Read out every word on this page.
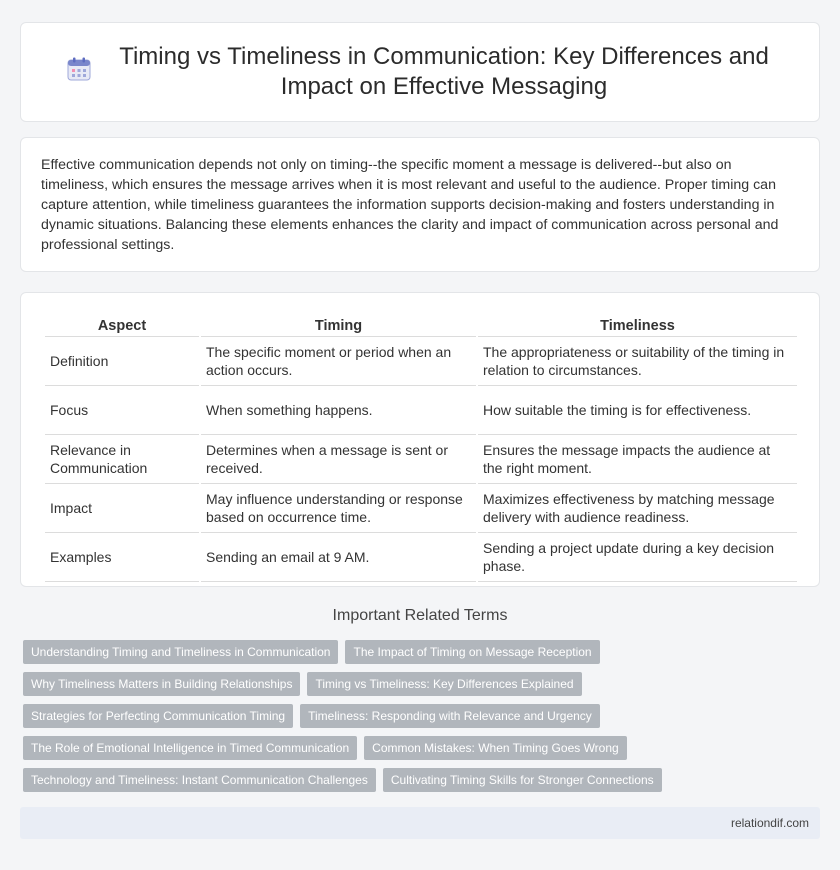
Timing vs Timeliness in Communication: Key Differences and Impact on Effective Messaging

Effective communication depends not only on timing--the specific moment a message is delivered--but also on timeliness, which ensures the message arrives when it is most relevant and useful to the audience. Proper timing can capture attention, while timeliness guarantees the information supports decision-making and fosters understanding in dynamic situations. Balancing these elements enhances the clarity and impact of communication across personal and professional settings.

Aspect	Timing	Timeliness
Definition	The specific moment or period when an action occurs.	The appropriateness or suitability of the timing in relation to circumstances.
Focus	When something happens.	How suitable the timing is for effectiveness.
Relevance in Communication	Determines when a message is sent or received.	Ensures the message impacts the audience at the right moment.
Impact	May influence understanding or response based on occurrence time.	Maximizes effectiveness by matching message delivery with audience readiness.
Examples	Sending an email at 9 AM.	Sending a project update during a key decision phase.
Important Related Terms
Understanding Timing and Timeliness in Communication	The Impact of Timing on Message Reception
Why Timeliness Matters in Building Relationships	Timing vs Timeliness: Key Differences Explained
Strategies for Perfecting Communication Timing	Timeliness: Responding with Relevance and Urgency
The Role of Emotional Intelligence in Timed Communication	Common Mistakes: When Timing Goes Wrong
Technology and Timeliness: Instant Communication Challenges	Cultivating Timing Skills for Stronger Connections
relationdif.com
